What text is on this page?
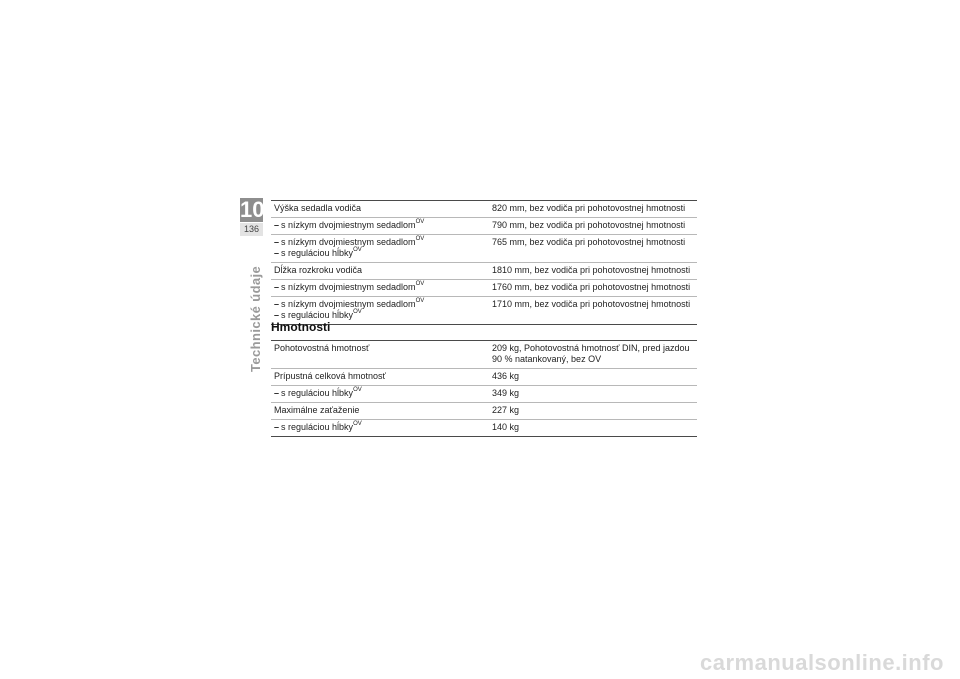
10
136
Technické údaje
Výška sedadla vodiča	820 mm, bez vodiča pri pohotovostnej hmotnosti

– s nízkym dvojmiestnym sedadlom$^{OV}$	790 mm, bez vodiča pri pohotovostnej hmotnosti

– s nízkym dvojmiestnym sedadlom$^{OV}$
– s reguláciou hĺbky$^{OV}$	765 mm, bez vodiča pri pohotovostnej hmotnosti

Dĺžka rozkroku vodiča	1810 mm, bez vodiča pri pohotovostnej hmotnosti

– s nízkym dvojmiestnym sedadlom$^{OV}$	1760 mm, bez vodiča pri pohotovostnej hmotnosti

– s nízkym dvojmiestnym sedadlom$^{OV}$
– s reguláciou hĺbky$^{OV}$	1710 mm, bez vodiča pri pohotovostnej hmotnosti
Hmotnosti
Pohotovostná hmotnosť	209 kg, Pohotovostná hmotnosť DIN, pred jazdou 90 % natankovaný, bez OV

Prípustná celková hmotnosť	436 kg

– s reguláciou hĺbky$^{OV}$	349 kg

Maximálne zaťaženie	227 kg

– s reguláciou hĺbky$^{OV}$	140 kg
carmanualsonline.info
